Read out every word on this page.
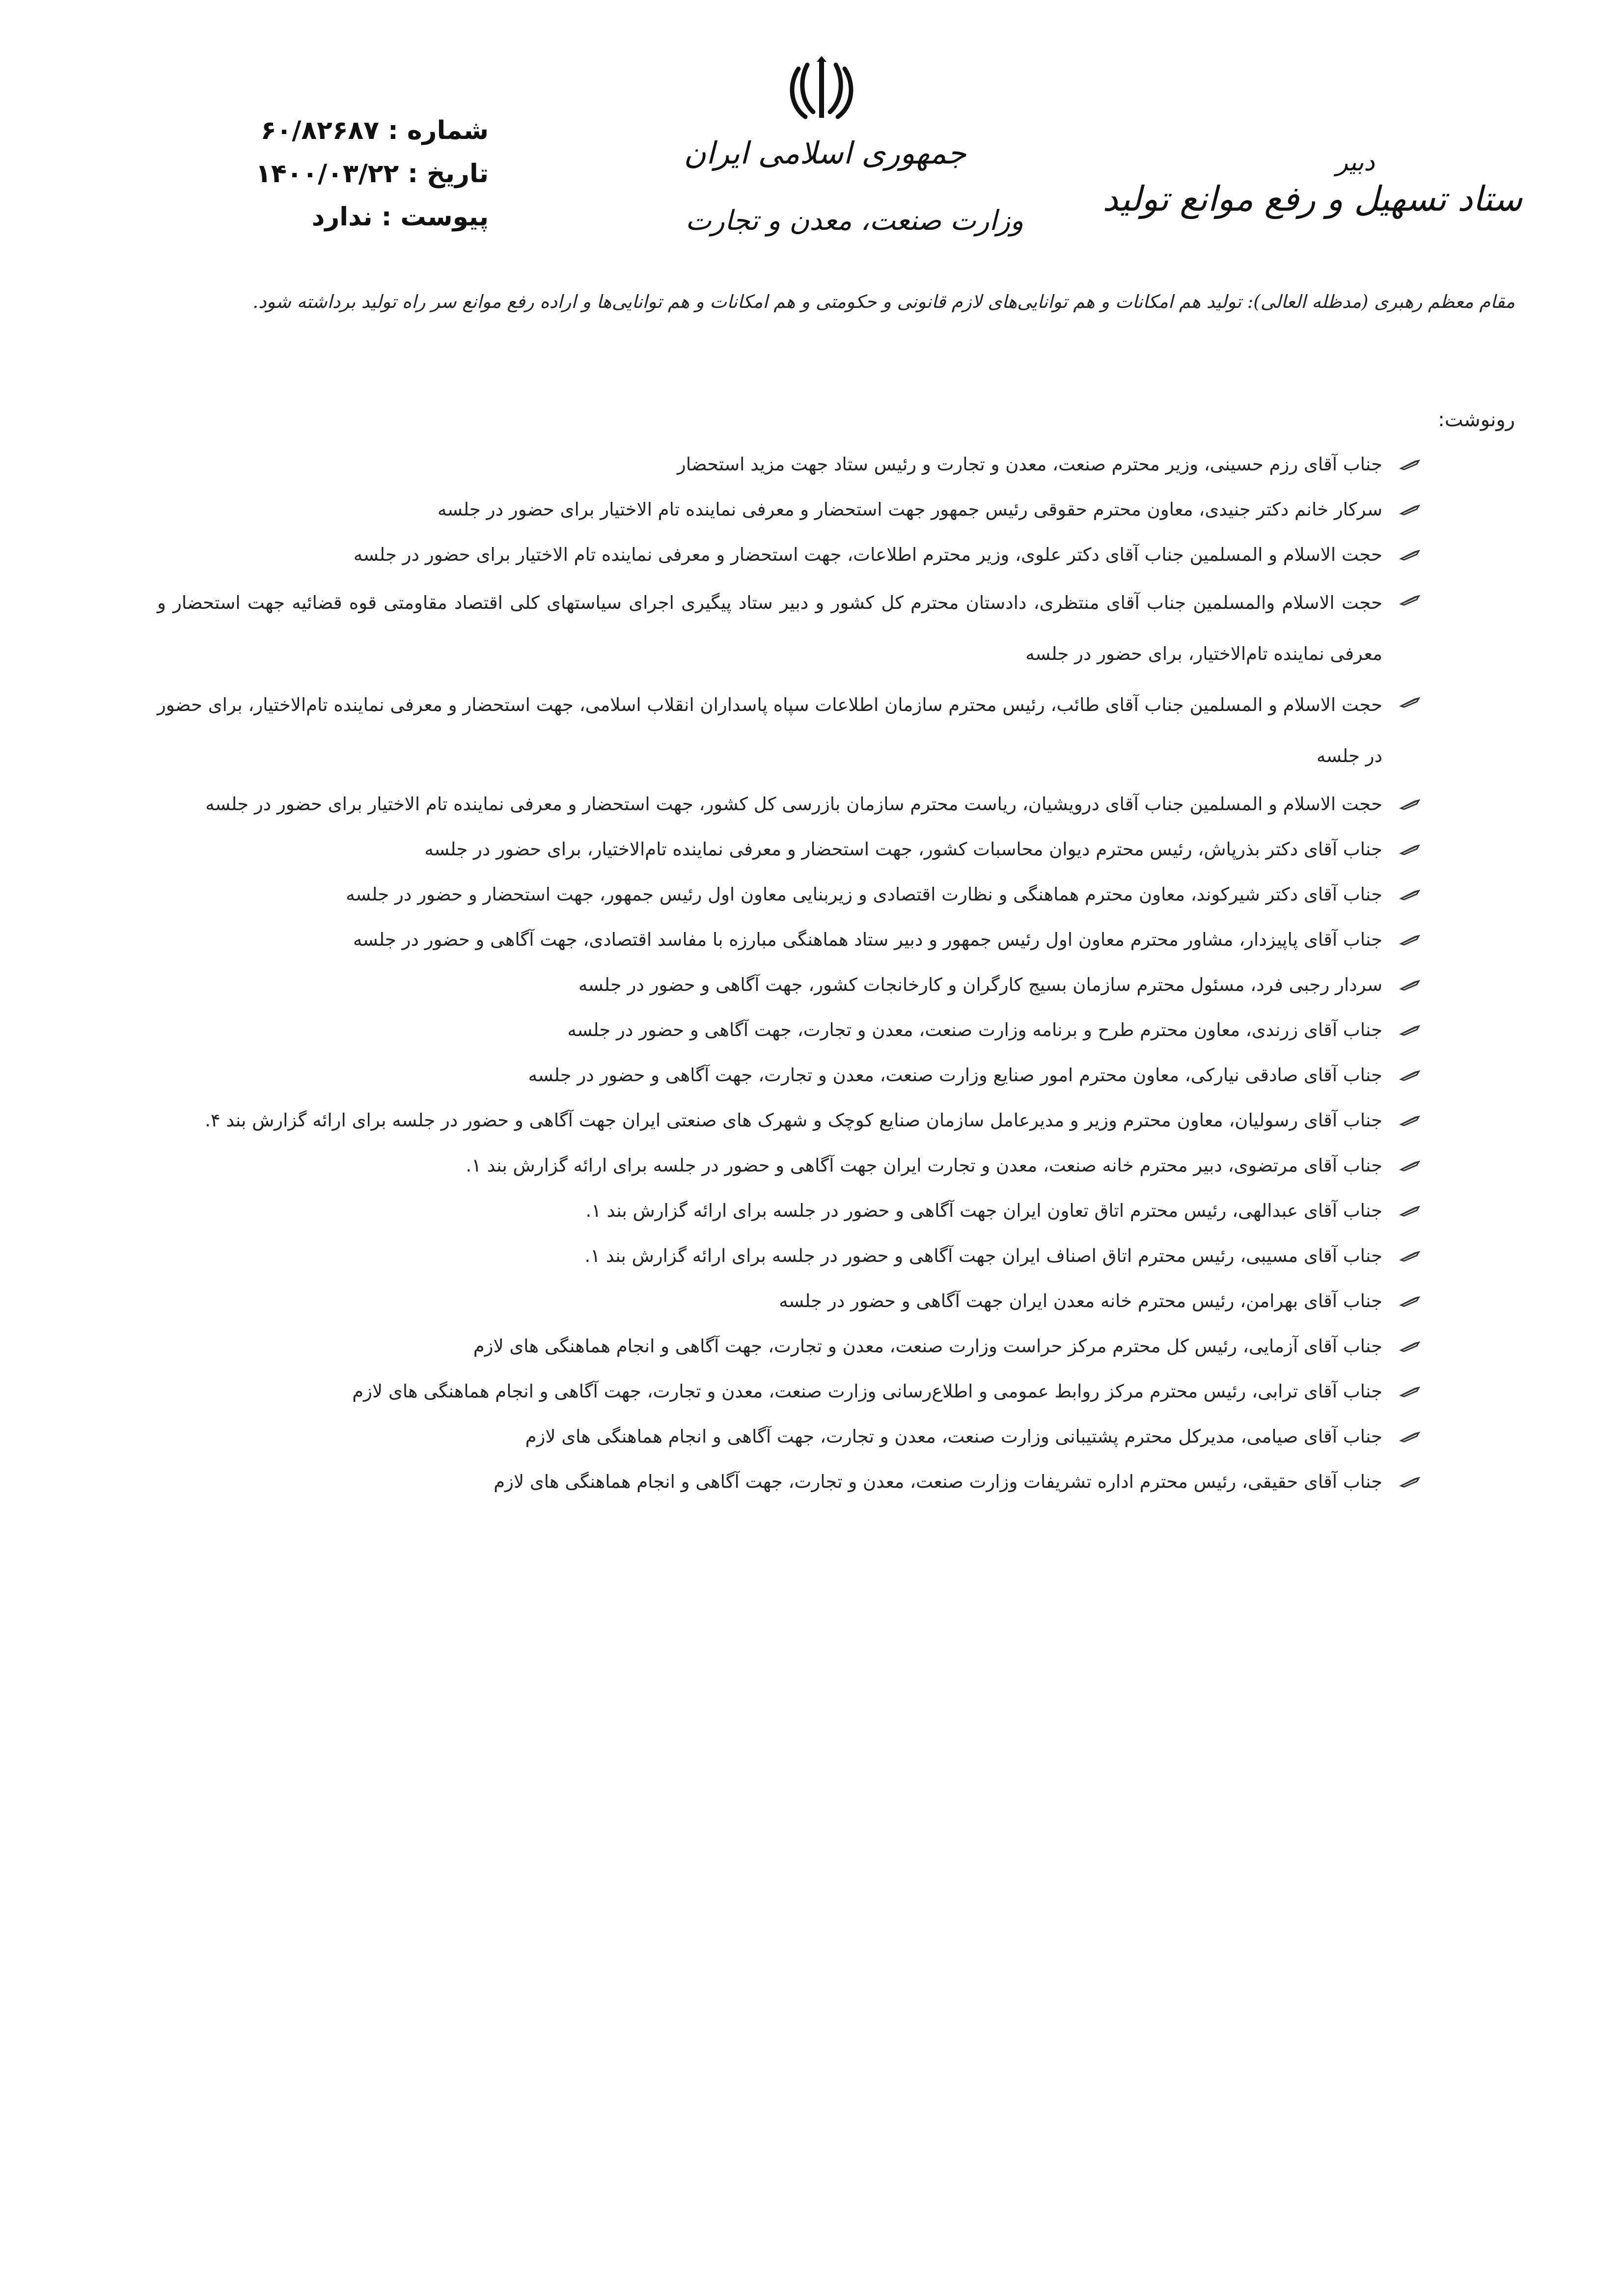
شماره
:
۶۰/۸۲۶۸۷
تاریخ
:
۱۴۰۰/۰۳/۲۲
پیوست
:
ندارد
جمهوری اسلامی ایران
وزارت صنعت، معدن و تجارت
دبیر
ستاد تسهیل و رفع موانع تولید
مقام معظم رهبری (مدظله العالی): تولید هم امکانات و هم توانایی‌های لازم قانونی و حکومتی و هم امکانات و هم توانایی‌ها و اراده رفع موانع سر راه تولید برداشته شود.
رونوشت:
جناب آقای رزم حسینی، وزیر محترم صنعت، معدن و تجارت و رئیس ستاد جهت مزید استحضار
سرکار خانم دکتر جنیدی، معاون محترم حقوقی رئیس جمهور جهت استحضار و معرفی نماینده تام الاختیار برای حضور در جلسه
حجت الاسلام و المسلمین جناب آقای دکتر علوی، وزیر محترم اطلاعات، جهت استحضار و معرفی نماینده تام الاختیار برای حضور در جلسه
حجت الاسلام والمسلمین جناب آقای منتظری، دادستان محترم کل کشور و دبیر ستاد پیگیری اجرای سیاستهای کلی اقتصاد مقاومتی قوه قضائیه جهت استحضار و معرفی نماینده تام‌الاختیار، برای حضور در جلسه
حجت الاسلام و المسلمین جناب آقای طائب، رئیس محترم سازمان اطلاعات سپاه پاسداران انقلاب اسلامی، جهت استحضار و معرفی نماینده تام‌الاختیار، برای حضور در جلسه
حجت الاسلام و المسلمین جناب آقای درویشیان، ریاست محترم سازمان بازرسی کل کشور، جهت استحضار و معرفی نماینده تام الاختیار برای حضور در جلسه
جناب آقای دکتر بذرپاش، رئیس محترم دیوان محاسبات کشور، جهت استحضار و معرفی نماینده تام‌الاختیار، برای حضور در جلسه
جناب آقای دکتر شیرکوند، معاون محترم هماهنگی و نظارت اقتصادی و زیربنایی معاون اول رئیس جمهور، جهت استحضار و حضور در جلسه
جناب آقای پاپیزدار، مشاور محترم معاون اول رئیس جمهور و دبیر ستاد هماهنگی مبارزه با مفاسد اقتصادی، جهت آگاهی و حضور در جلسه
سردار رجبی فرد، مسئول محترم سازمان بسیج کارگران و کارخانجات کشور، جهت آگاهی و حضور در جلسه
جناب آقای زرندی، معاون محترم طرح و برنامه وزارت صنعت، معدن و تجارت، جهت آگاهی و حضور در جلسه
جناب آقای صادقی نیارکی، معاون محترم امور صنایع وزارت صنعت، معدن و تجارت، جهت آگاهی و حضور در جلسه
جناب آقای رسولیان، معاون محترم وزیر و مدیرعامل سازمان صنایع کوچک و شهرک های صنعتی ایران جهت آگاهی و حضور در جلسه برای ارائه گزارش بند ۴.
جناب آقای مرتضوی، دبیر محترم خانه صنعت، معدن و تجارت ایران جهت آگاهی و حضور در جلسه برای ارائه گزارش بند ۱.
جناب آقای عبدالهی، رئیس محترم اتاق تعاون ایران جهت آگاهی و حضور در جلسه برای ارائه گزارش بند ۱.
جناب آقای مسیبی، رئیس محترم اتاق اصناف ایران جهت آگاهی و حضور در جلسه برای ارائه گزارش بند ۱.
جناب آقای بهرامن، رئیس محترم خانه معدن ایران جهت آگاهی و حضور در جلسه
جناب آقای آزمایی، رئیس کل محترم مرکز حراست وزارت صنعت، معدن و تجارت، جهت آگاهی و انجام هماهنگی های لازم
جناب آقای ترابی، رئیس محترم مرکز روابط عمومی و اطلاع‌رسانی وزارت صنعت، معدن و تجارت، جهت آگاهی و انجام هماهنگی های لازم
جناب آقای صیامی، مدیرکل محترم پشتیبانی وزارت صنعت، معدن و تجارت، جهت آگاهی و انجام هماهنگی های لازم
جناب آقای حقیقی، رئیس محترم اداره تشریفات وزارت صنعت، معدن و تجارت، جهت آگاهی و انجام هماهنگی های لازم
